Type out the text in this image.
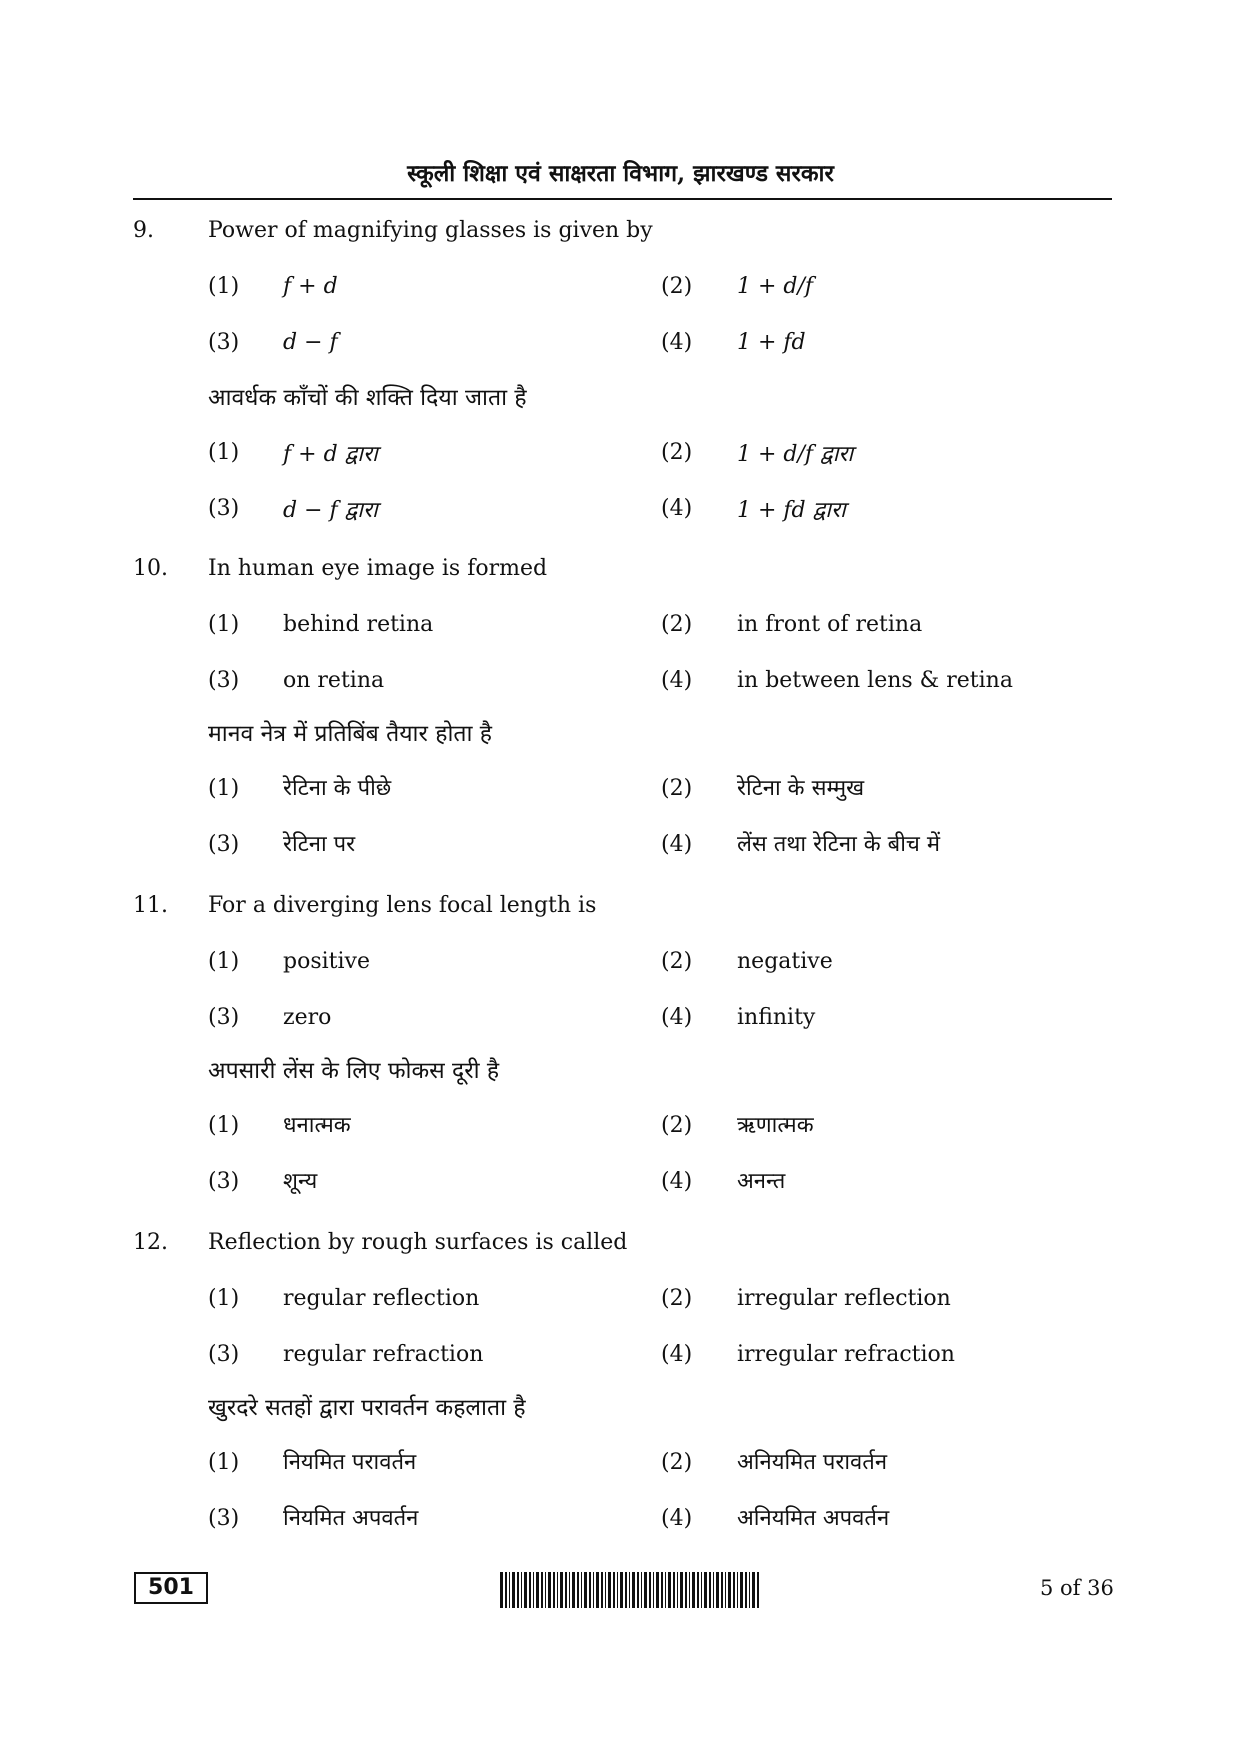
स्कूली शिक्षा एवं साक्षरता विभाग, झारखण्ड सरकार
9. Power of magnifying glasses is given by
(1) f + d	(2) 1 + d/f
(3) d − f	(4) 1 + fd
आवर्धक काँचों की शक्ति दिया जाता है
(1) f + d द्वारा	(2) 1 + d/f द्वारा
(3) d − f द्वारा	(4) 1 + fd द्वारा
10. In human eye image is formed
(1) behind retina	(2) in front of retina
(3) on retina	(4) in between lens & retina
मानव नेत्र में प्रतिबिंब तैयार होता है
(1) रेटिना के पीछे	(2) रेटिना के सम्मुख
(3) रेटिना पर	(4) लेंस तथा रेटिना के बीच में
11. For a diverging lens focal length is
(1) positive	(2) negative
(3) zero	(4) infinity
अपसारी लेंस के लिए फोकस दूरी है
(1) धनात्मक	(2) ऋणात्मक
(3) शून्य	(4) अनन्त
12. Reflection by rough surfaces is called
(1) regular reflection	(2) irregular reflection
(3) regular refraction	(4) irregular refraction
खुरदरे सतहों द्वारा परावर्तन कहलाता है
(1) नियमित परावर्तन	(2) अनियमित परावर्तन
(3) नियमित अपवर्तन	(4) अनियमित अपवर्तन
501	5 of 36
